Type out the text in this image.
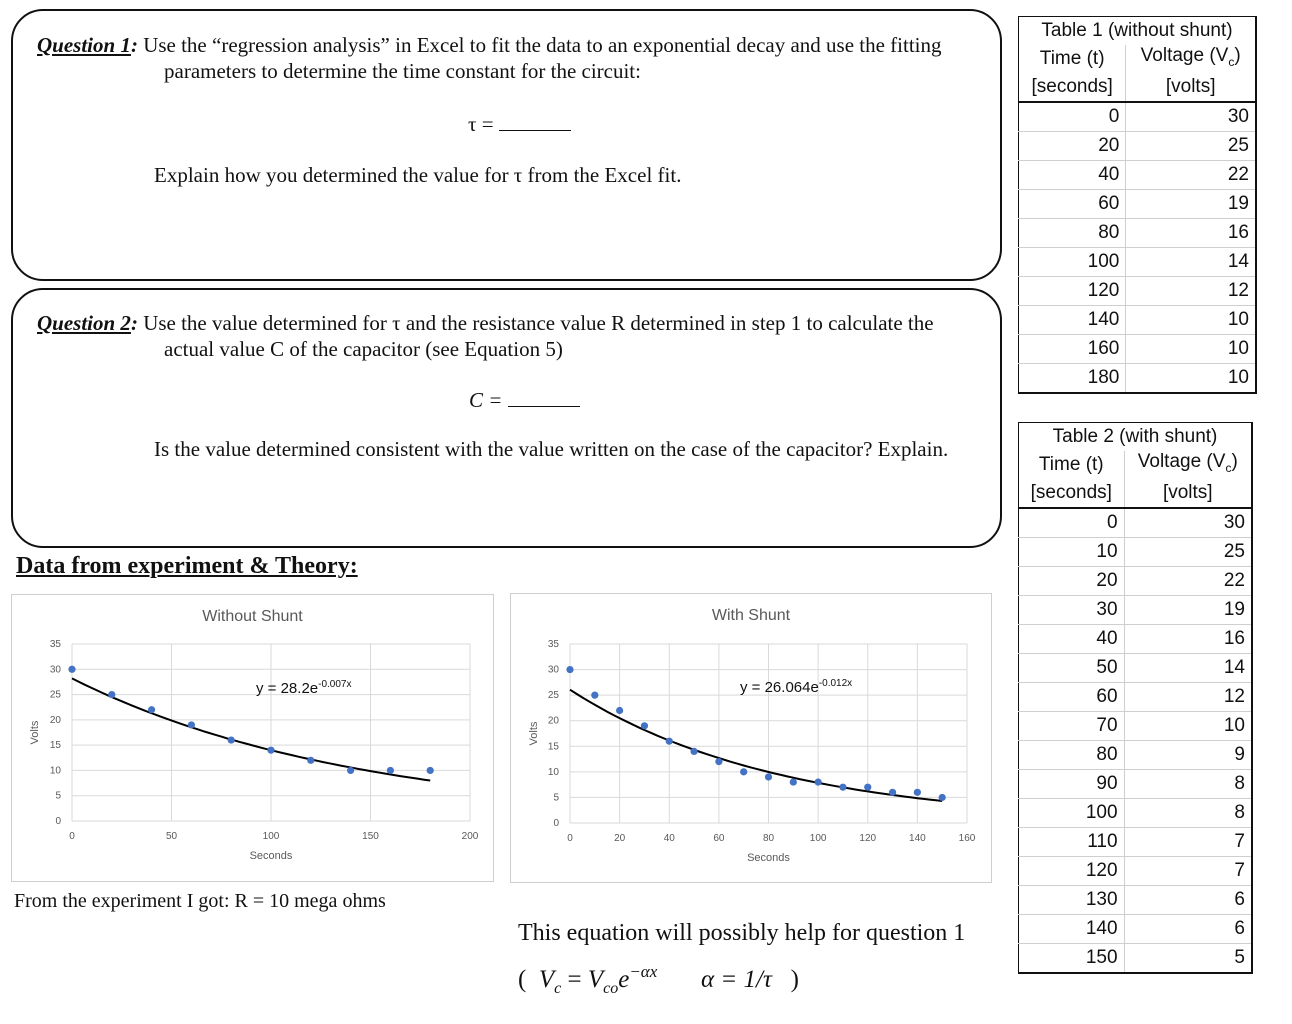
Question 1: Use the “regression analysis” in Excel to fit the data to an exponential decay and use the fitting
parameters to determine the time constant for the circuit:
τ =
Explain how you determined the value for τ from the Excel fit.
Question 2: Use the value determined for τ and the resistance value R determined in step 1 to calculate the
actual value C of the capacitor (see Equation 5)
C =
Is the value determined consistent with the value written on the case of the capacitor? Explain.
Data from experiment & Theory:
Without Shunt
0
5
10
15
20
25
30
35
0	50	100	150	200
Seconds
Volts
$y = 28.2e^{-0.007x}$
With Shunt
0
5
10
15
20
25
30
35
0	20	40	60	80	100	120	140	160
Seconds
Volts
$y = 26.064e^{-0.012x}$
From the experiment I got: R = 10 mega ohms
This equation will possibly help for question 1
( $V_c = V_{co}e^{-\alpha x}$ α = 1/τ )
Table 1 (without shunt)	
Time (t)	Voltage $(V_c)$
[seconds]	[volts]
0	30
20	25
40	22
60	19
80	16
100	14
120	12
140	10
160	10
180	10
Table 2 (with shunt)	
Time (t)	Voltage $(V_c)$
[seconds]	[volts]
0	30
10	25
20	22
30	19
40	16
50	14
60	12
70	10
80	9
90	8
100	8
110	7
120	7
130	6
140	6
150	5
